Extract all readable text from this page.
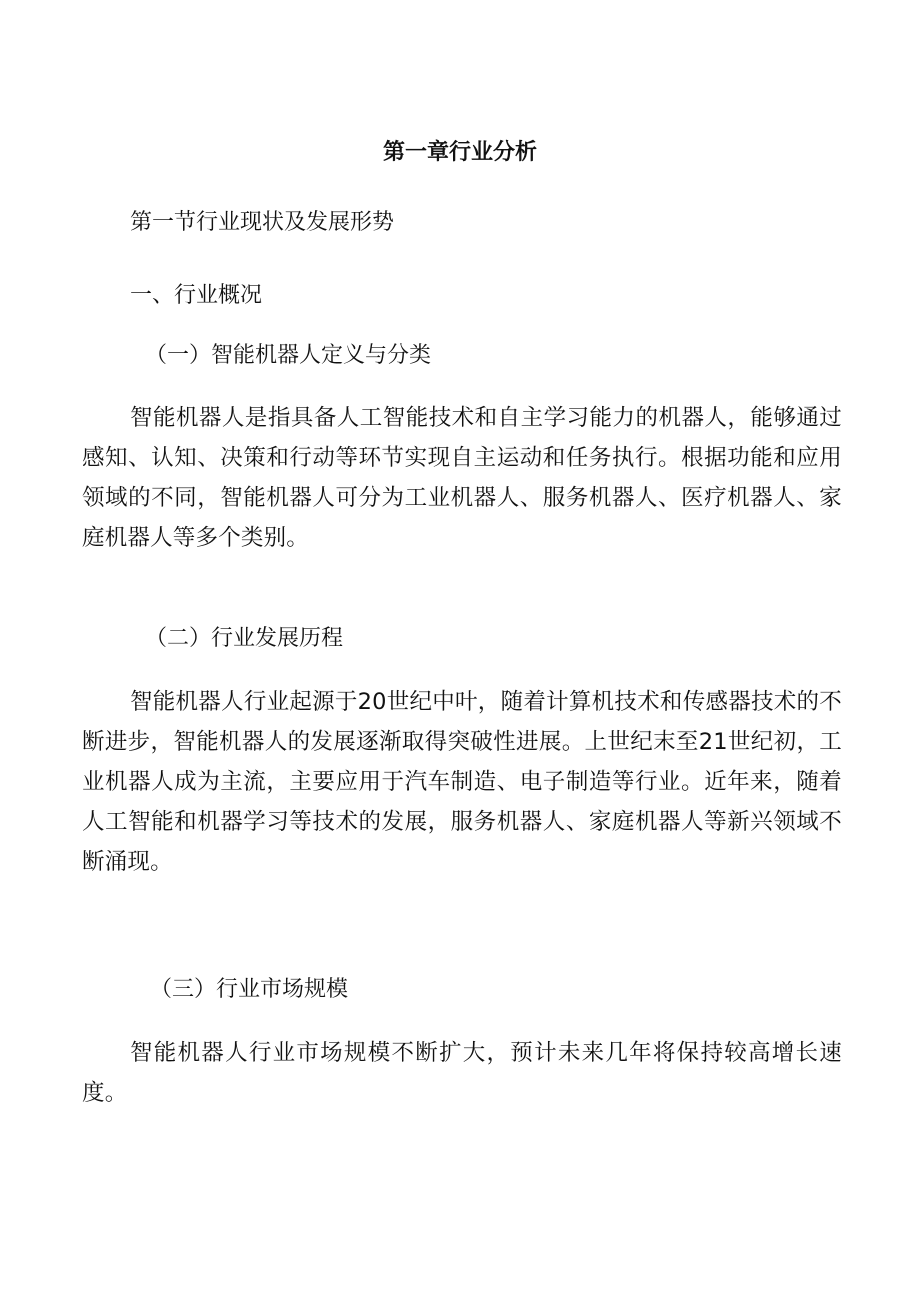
第一章行业分析
第一节行业现状及发展形势
一、行业概况
（一）智能机器人定义与分类

智能机器人是指具备人工智能技术和自主学习能力的机器人，能够通过感知、认知、决策和行动等环节实现自主运动和任务执行。根据功能和应用领域的不同，智能机器人可分为工业机器人、服务机器人、医疗机器人、家庭机器人等多个类别。

（二）行业发展历程

智能机器人行业起源于20世纪中叶，随着计算机技术和传感器技术的不断进步，智能机器人的发展逐渐取得突破性进展。上世纪末至21世纪初，工业机器人成为主流，主要应用于汽车制造、电子制造等行业。近年来，随着人工智能和机器学习等技术的发展，服务机器人、家庭机器人等新兴领域不断涌现。

（三）行业市场规模

智能机器人行业市场规模不断扩大，预计未来几年将保持较高增长速度。
